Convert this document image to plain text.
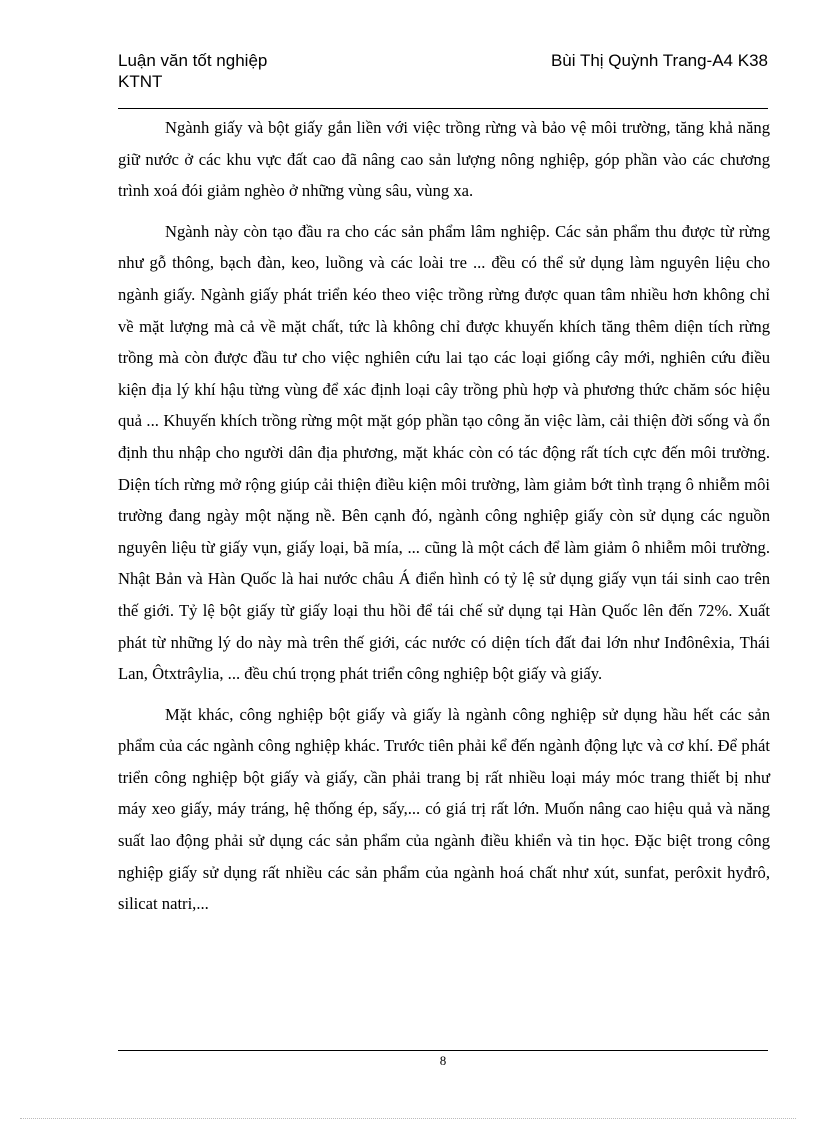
Luận văn tốt nghiệp
KTNT
Bùi Thị Quỳnh Trang-A4 K38

Ngành giấy và bột giấy gắn liền với việc trồng rừng và bảo vệ môi trường, tăng khả năng giữ nước ở các khu vực đất cao đã nâng cao sản lượng nông nghiệp, góp phần vào các chương trình xoá đói giảm nghèo ở những vùng sâu, vùng xa.

Ngành này còn tạo đầu ra cho các sản phẩm lâm nghiệp. Các sản phẩm thu được từ rừng như gỗ thông, bạch đàn, keo, luồng và các loài tre ... đều có thể sử dụng làm nguyên liệu cho ngành giấy. Ngành giấy phát triển kéo theo việc trồng rừng được quan tâm nhiều hơn không chỉ về mặt lượng mà cả về mặt chất, tức là không chỉ được khuyến khích tăng thêm diện tích rừng trồng mà còn được đầu tư cho việc nghiên cứu lai tạo các loại giống cây mới, nghiên cứu điều kiện địa lý khí hậu từng vùng để xác định loại cây trồng phù hợp và phương thức chăm sóc hiệu quả ... Khuyến khích trồng rừng một mặt góp phần tạo công ăn việc làm, cải thiện đời sống và ổn định thu nhập cho người dân địa phương, mặt khác còn có tác động rất tích cực đến môi trường. Diện tích rừng mở rộng giúp cải thiện điều kiện môi trường, làm giảm bớt tình trạng ô nhiễm môi trường đang ngày một nặng nề. Bên cạnh đó, ngành công nghiệp giấy còn sử dụng các nguồn nguyên liệu từ giấy vụn, giấy loại, bã mía, ... cũng là một cách để làm giảm ô nhiễm môi trường. Nhật Bản và Hàn Quốc là hai nước châu Á điển hình có tỷ lệ sử dụng giấy vụn tái sinh cao trên thế giới. Tỷ lệ bột giấy từ giấy loại thu hồi để tái chế sử dụng tại Hàn Quốc lên đến 72%. Xuất phát từ những lý do này mà trên thế giới, các nước có diện tích đất đai lớn như Inđônêxia, Thái Lan, Ôtxtrâylia, ... đều chú trọng phát triển công nghiệp bột giấy và giấy.

Mặt khác, công nghiệp bột giấy và giấy là ngành công nghiệp sử dụng hầu hết các sản phẩm của các ngành công nghiệp khác. Trước tiên phải kể đến ngành động lực và cơ khí. Để phát triển công nghiệp bột giấy và giấy, cần phải trang bị rất nhiều loại máy móc trang thiết bị như máy xeo giấy, máy tráng, hệ thống ép, sấy,... có giá trị rất lớn. Muốn nâng cao hiệu quả và năng suất lao động phải sử dụng các sản phẩm của ngành điều khiển và tin học. Đặc biệt trong công nghiệp giấy sử dụng rất nhiều các sản phẩm của ngành hoá chất như xút, sunfat, perôxit hyđrô, silicat natri,...

8
